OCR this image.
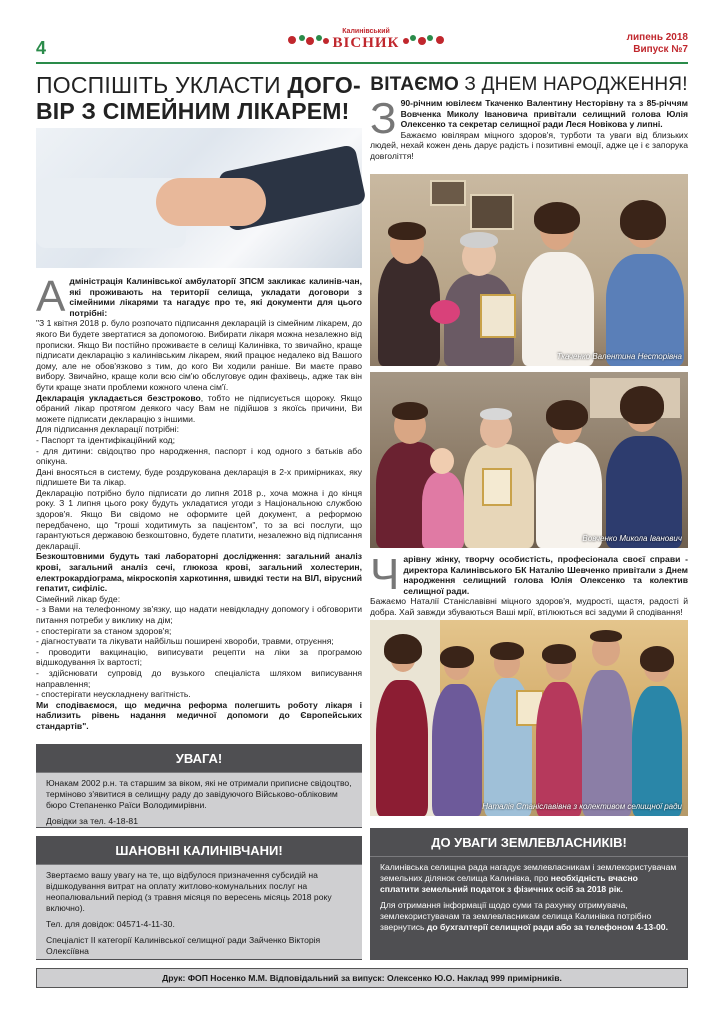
4
Калинівський
ВІСНИК	липень 2018
Випуск №7
ПОСПІШІТЬ УКЛАСТИ ДОГО- ВІР З СІМЕЙНИМ ЛІКАРЕМ!
А дміністрація Калинівської амбулаторії ЗПСМ закликає калинів-чан, які проживають на території селища, укладати договори з сімейними лікарями та нагадує про те, які документи для цього потрібні:

"З 1 квітня 2018 р. було розпочато підписання декларацій із сімейним лікарем, до якого Ви будете звертатися за допомогою. Вибирати лікаря можна незалежно від прописки. Якщо Ви постійно проживаєте в селищі Калинівка, то звичайно, краще підписати декларацію з калинівським лікарем, який працює недалеко від Вашого дому, але не обов'язково з тим, до кого Ви ходили раніше. Ви маєте право вибору. Звичайно, краще коли всю сім'ю обслуговує один фахівець, адже так він бути краще знати проблеми кожного члена сім'ї.

Декларація укладається безстроково, тобто не підписується щороку. Якщо обраний лікар протягом деякого часу Вам не підійшов з якоїсь причини, Ви можете підписати декларацію з іншими.

Для підписання декларації потрібні:

- Паспорт та ідентифікаційний код;

- для дитини: свідоцтво про народження, паспорт і код одного з батьків або опікуна.

Дані вносяться в систему, буде роздрукована декларація в 2-х примірниках, яку підпишете Ви та лікар.

Декларацію потрібно було підписати до липня 2018 р., хоча можна і до кінця року. З 1 липня цього року будуть укладатися угоди з Національною службою здоров'я. Якщо Ви свідомо не оформите цей документ, а реформою передбачено, що "гроші ходитимуть за пацієнтом", то за всі послуги, що гарантуються державою безкоштовно, будете платити, незалежно від підписання декларації.

Безкоштовними будуть такі лабораторні дослідження: загальний аналіз крові, загальний аналіз сечі, глюкоза крові, загальний холестерин, електрокардіограма, мікроскопія харкотиння, швидкі тести на ВІЛ, вірусний гепатит, сифіліс.

Сімейний лікар буде:

- з Вами на телефонному зв'язку, що надати невідкладну допомогу і обговорити питання потреби у виклику на дім;

- спостерігати за станом здоров'я;

- діагностувати та лікувати найбільш поширені хвороби, травми, отруєння;

- проводити вакцинацію, виписувати рецепти на ліки за програмою відшкодування їх вартості;

- здійснювати супровід до вузького спеціаліста шляхом виписування направлення;

- спостерігати неускладнену вагітність.

Ми сподіваємося, що медична реформа полегшить роботу лікаря і наблизить рівень надання медичної допомоги до Європейських стандартів".

УВАГА!

Юнакам 2002 р.н. та старшим за віком, які не отримали приписне свідоцтво, терміново з'явитися в селищну раду до завідуючого Військово-обліковим бюро Степаненко Раїси Володимирівни.

Довідки за тел. 4-18-81

ШАНОВНІ КАЛИНІВЧАНИ!

Звертаємо вашу увагу на те, що відбулося призначення субсидій на відшкодування витрат на оплату житлово-комунальних послуг на неопалювальний період (з травня місяця по вересень місяць 2018 року включно).

Тел. для довідок: 04571-4-11-30.

Спеціаліст ІІ категорії Калинівської селищної ради Зайченко Вікторія Олексіївна

ВІТАЄМО З ДНЕМ НАРОДЖЕННЯ!
З 90-річним ювілеєм Ткаченко Валентину Несторівну та з 85-річчям Вовченка Миколу Івановича привітали селищний голова Юлія Олексенко та секретар селищної ради Леся Новікова у липні.

Бажаємо ювілярам міцного здоров'я, турботи та уваги від близьких людей, нехай кожен день дарує радість і позитивні емоції, адже це і є запорука довголіття!

Ткаченко Валентина Несторівна
Вовченко Микола Іванович
Ч арівну жінку, творчу особистість, професіонала своєї справи - директора Калинівського БК Наталію Шевченко привітали з Днем народження селищний голова Юлія Олексенко та колектив селищної ради.

Бажаємо Наталії Станіславівні міцного здоров'я, мудрості, щастя, радості й добра. Хай завжди збуваються Ваші мрії, втілюються всі задуми й сподівання!

Наталія Станіславівна з колективом селищної ради
ДО УВАГИ ЗЕМЛЕВЛАСНИКІВ!

Калинівська селищна рада нагадує землевласникам і землекористувачам земельних ділянок селища Калинівка, про необхідність вчасно сплатити земельний податок з фізичних осіб за 2018 рік.

Для отримання інформації щодо суми та рахунку отримувача, землекористувачам та землевласникам селища Калинівка потрібно звернутись до бухгалтерії селищної ради або за телефоном 4-13-00.

Друк: ФОП Носенко М.М. Відповідальний за випуск: Олексенко Ю.О. Наклад 999 примірників.
